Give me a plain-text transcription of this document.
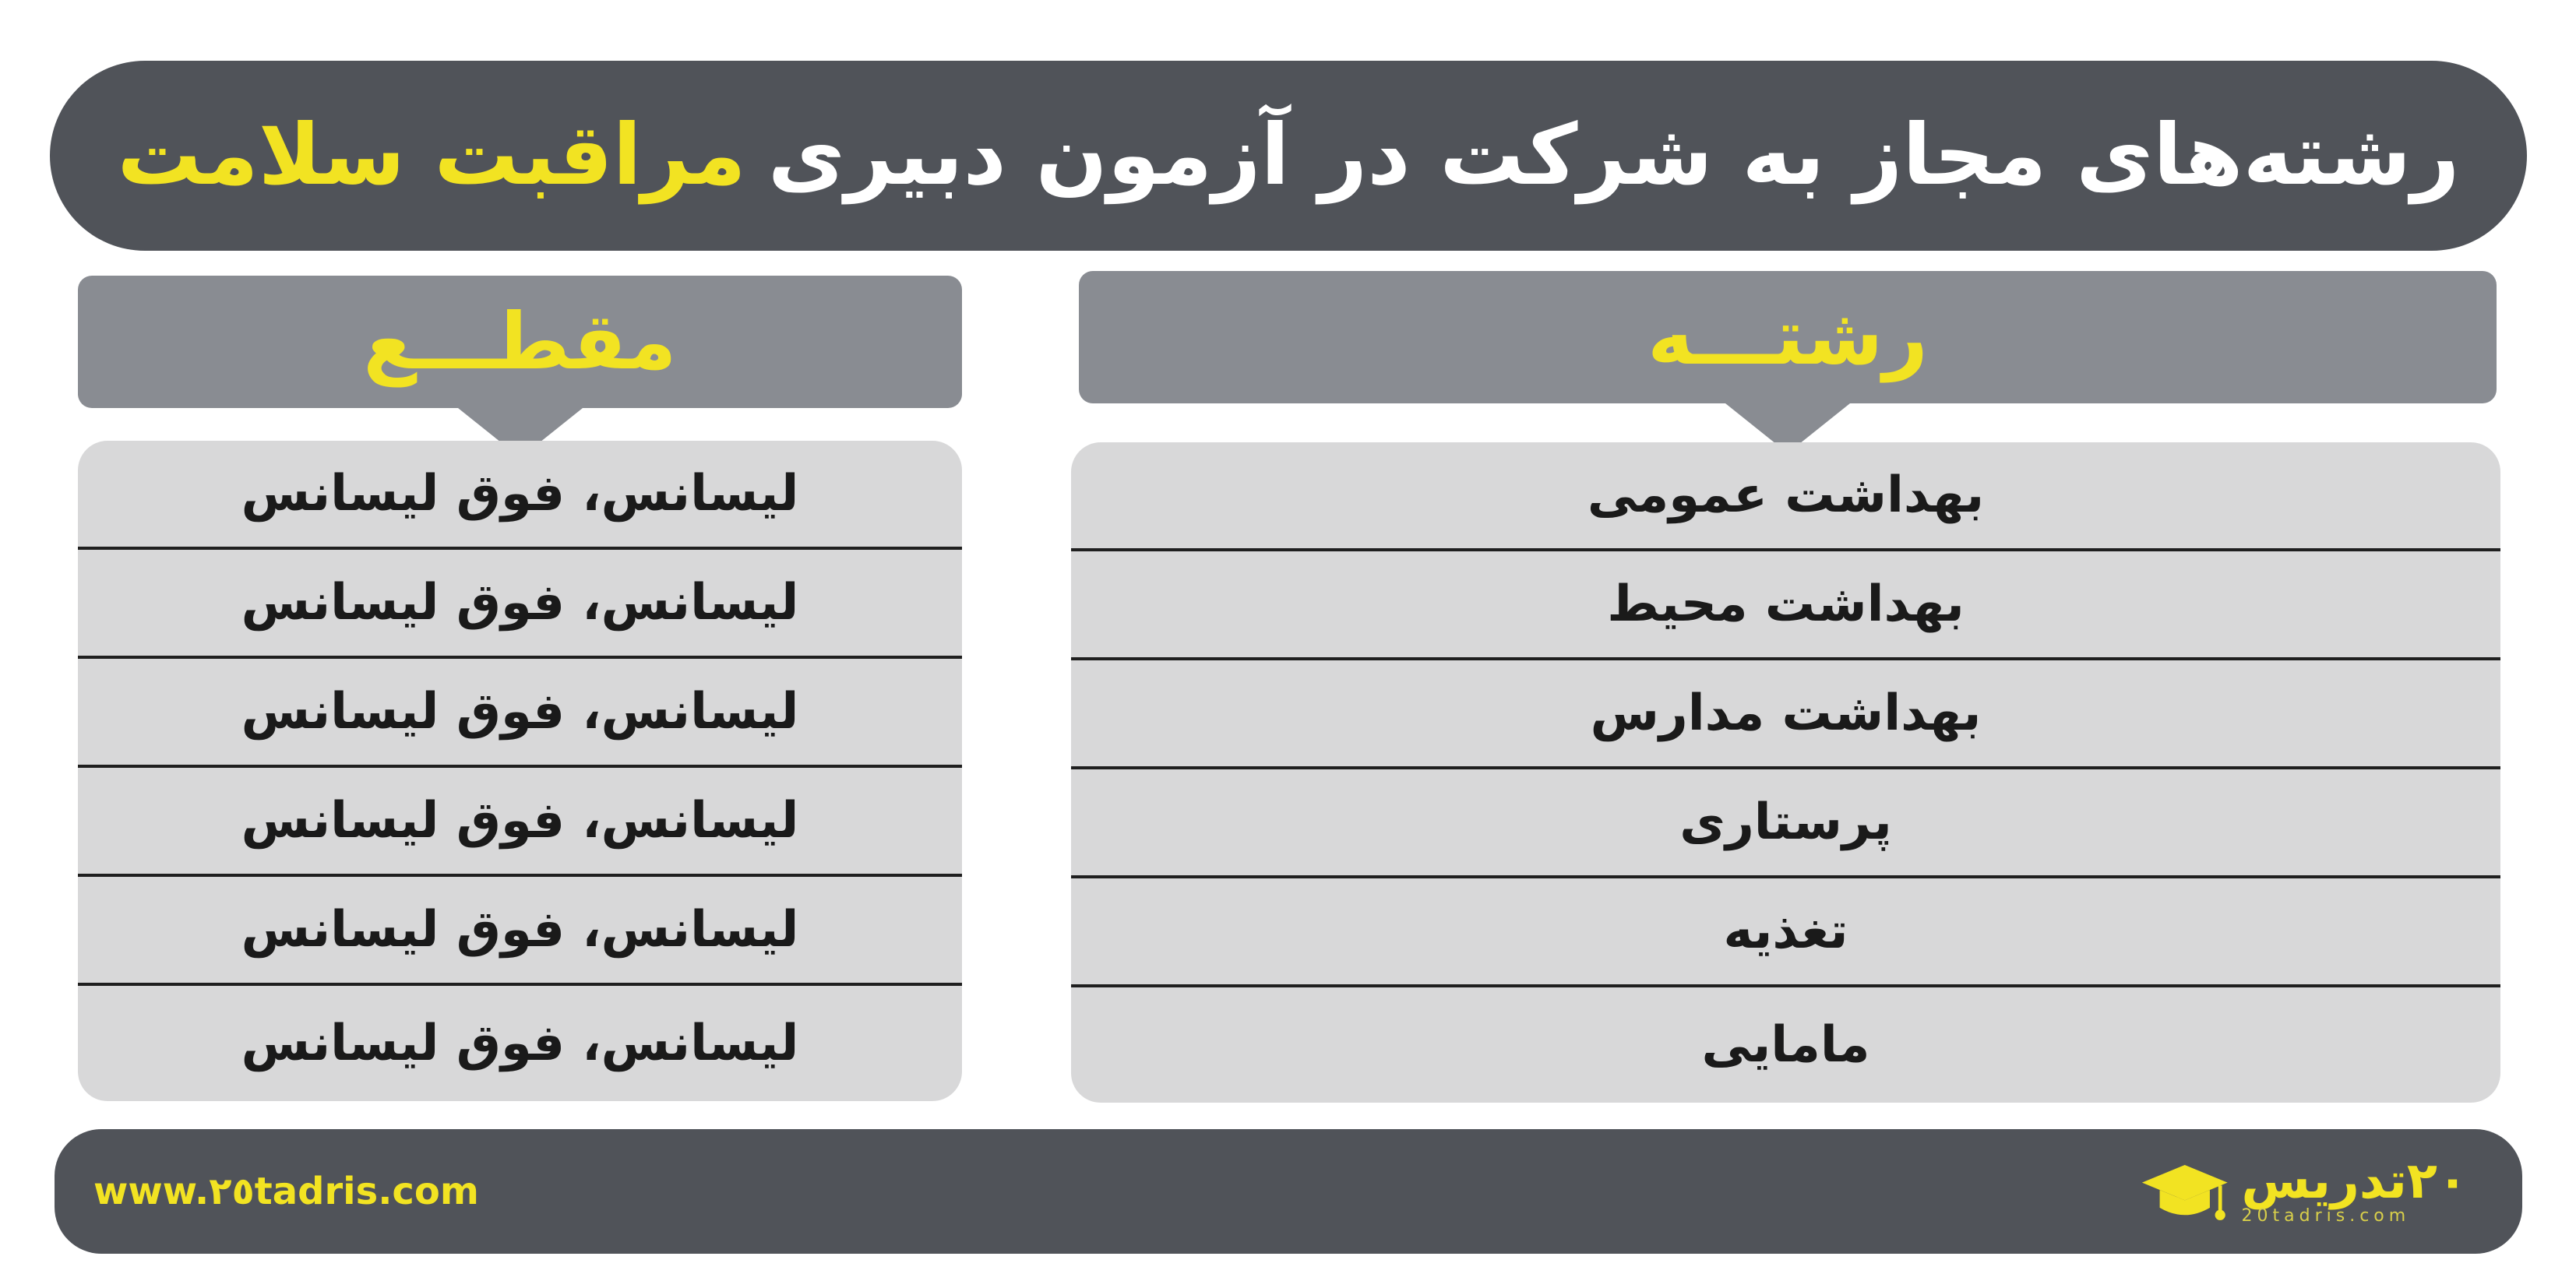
رشته‌های مجاز به شرکت در آزمون دبیری
مراقبت سلامت
رشتـــه
مقطـــع
بهداشت عمومی
بهداشت محیط
بهداشت مدارس
پرستاری
تغذیه
مامایی
لیسانس، فوق لیسانس
لیسانس، فوق لیسانس
لیسانس، فوق لیسانس
لیسانس، فوق لیسانس
لیسانس، فوق لیسانس
لیسانس، فوق لیسانس
www.۲٥tadris.com	۲۰تدریس
20tadris.com
